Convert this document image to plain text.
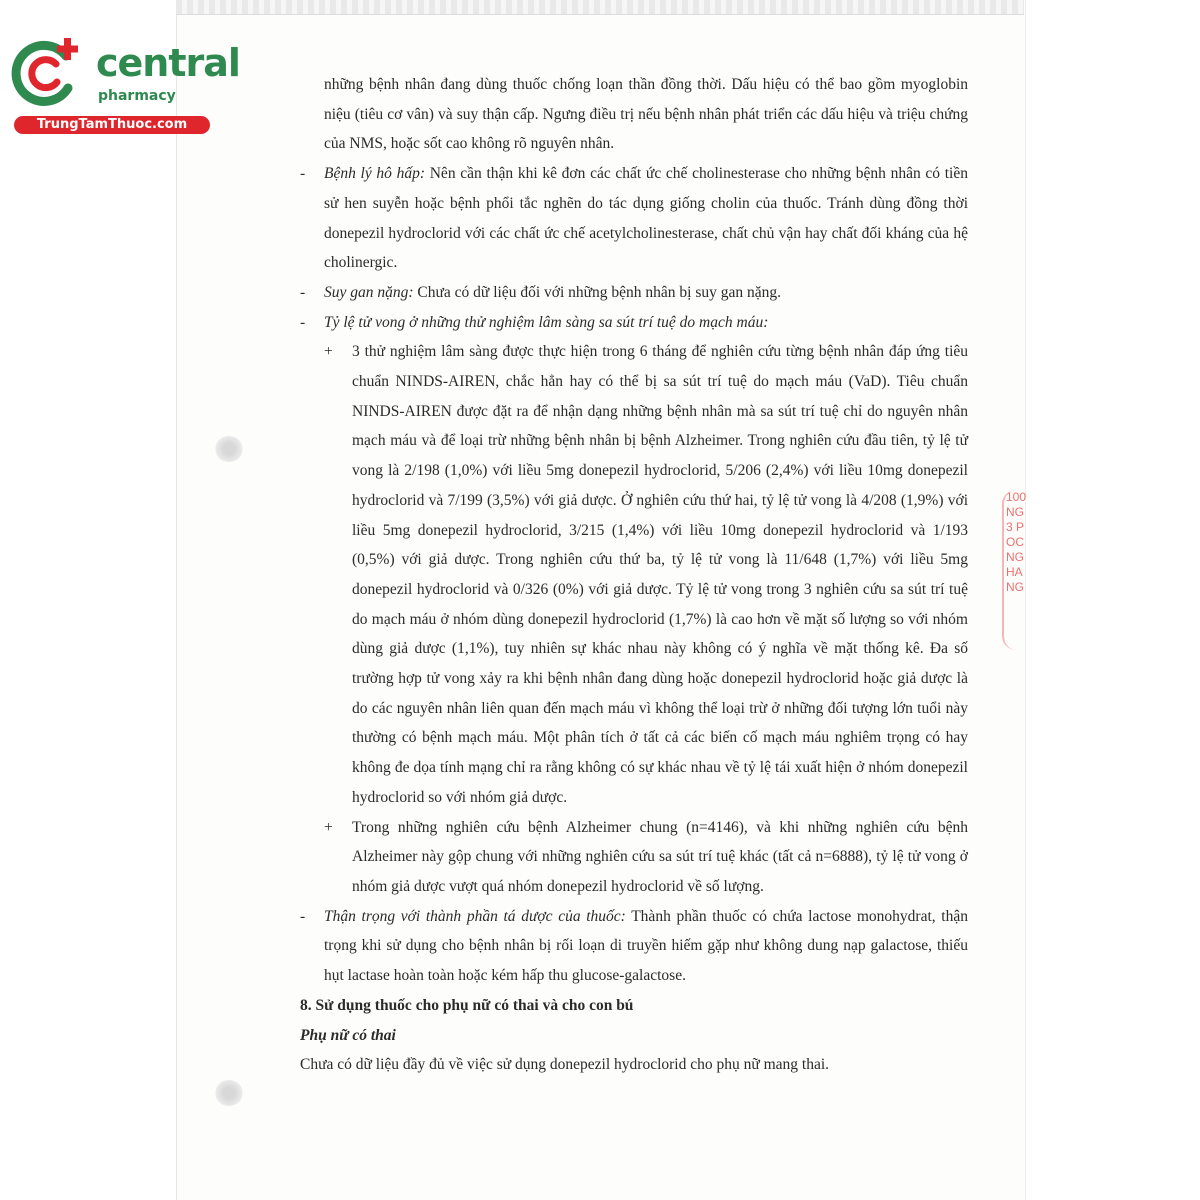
100
NG
3 P
OC
NG
HA
NG
central
pharmacy
TrungTamThuoc.com

những bệnh nhân đang dùng thuốc chống loạn thần đồng thời. Dấu hiệu có thể bao gồm myoglobin niệu (tiêu cơ vân) và suy thận cấp. Ngưng điều trị nếu bệnh nhân phát triển các dấu hiệu và triệu chứng của NMS, hoặc sốt cao không rõ nguyên nhân.

- Bệnh lý hô hấp: Nên cần thận khi kê đơn các chất ức chế cholinesterase cho những bệnh nhân có tiền sử hen suyễn hoặc bệnh phổi tắc nghẽn do tác dụng giống cholin của thuốc. Tránh dùng đồng thời donepezil hydroclorid với các chất ức chế acetylcholinesterase, chất chủ vận hay chất đối kháng của hệ cholinergic.

- Suy gan nặng: Chưa có dữ liệu đối với những bệnh nhân bị suy gan nặng.

- Tỷ lệ tử vong ở những thử nghiệm lâm sàng sa sút trí tuệ do mạch máu:

+ 3 thử nghiệm lâm sàng được thực hiện trong 6 tháng để nghiên cứu từng bệnh nhân đáp ứng tiêu chuẩn NINDS-AIREN, chắc hẳn hay có thể bị sa sút trí tuệ do mạch máu (VaD). Tiêu chuẩn NINDS-AIREN được đặt ra để nhận dạng những bệnh nhân mà sa sút trí tuệ chỉ do nguyên nhân mạch máu và để loại trừ những bệnh nhân bị bệnh Alzheimer. Trong nghiên cứu đầu tiên, tỷ lệ tử vong là 2/198 (1,0%) với liều 5mg donepezil hydroclorid, 5/206 (2,4%) với liều 10mg donepezil hydroclorid và 7/199 (3,5%) với giả dược. Ở nghiên cứu thứ hai, tỷ lệ tử vong là 4/208 (1,9%) với liều 5mg donepezil hydroclorid, 3/215 (1,4%) với liều 10mg donepezil hydroclorid và 1/193 (0,5%) với giả dược. Trong nghiên cứu thứ ba, tỷ lệ tử vong là 11/648 (1,7%) với liều 5mg donepezil hydroclorid và 0/326 (0%) với giả dược. Tỷ lệ tử vong trong 3 nghiên cứu sa sút trí tuệ do mạch máu ở nhóm dùng donepezil hydroclorid (1,7%) là cao hơn về mặt số lượng so với nhóm dùng giả dược (1,1%), tuy nhiên sự khác nhau này không có ý nghĩa về mặt thống kê. Đa số trường hợp tử vong xảy ra khi bệnh nhân đang dùng hoặc donepezil hydroclorid hoặc giả dược là do các nguyên nhân liên quan đến mạch máu vì không thể loại trừ ở những đối tượng lớn tuổi này thường có bệnh mạch máu. Một phân tích ở tất cả các biến cố mạch máu nghiêm trọng có hay không đe dọa tính mạng chỉ ra rằng không có sự khác nhau về tỷ lệ tái xuất hiện ở nhóm donepezil hydroclorid so với nhóm giả dược.

+ Trong những nghiên cứu bệnh Alzheimer chung (n=4146), và khi những nghiên cứu bệnh Alzheimer này gộp chung với những nghiên cứu sa sút trí tuệ khác (tất cả n=6888), tỷ lệ tử vong ở nhóm giả dược vượt quá nhóm donepezil hydroclorid về số lượng.

- Thận trọng với thành phần tá dược của thuốc: Thành phần thuốc có chứa lactose monohydrat, thận trọng khi sử dụng cho bệnh nhân bị rối loạn di truyền hiếm gặp như không dung nạp galactose, thiếu hụt lactase hoàn toàn hoặc kém hấp thu glucose-galactose.

8. Sử dụng thuốc cho phụ nữ có thai và cho con bú

Phụ nữ có thai

Chưa có dữ liệu đầy đủ về việc sử dụng donepezil hydroclorid cho phụ nữ mang thai.
